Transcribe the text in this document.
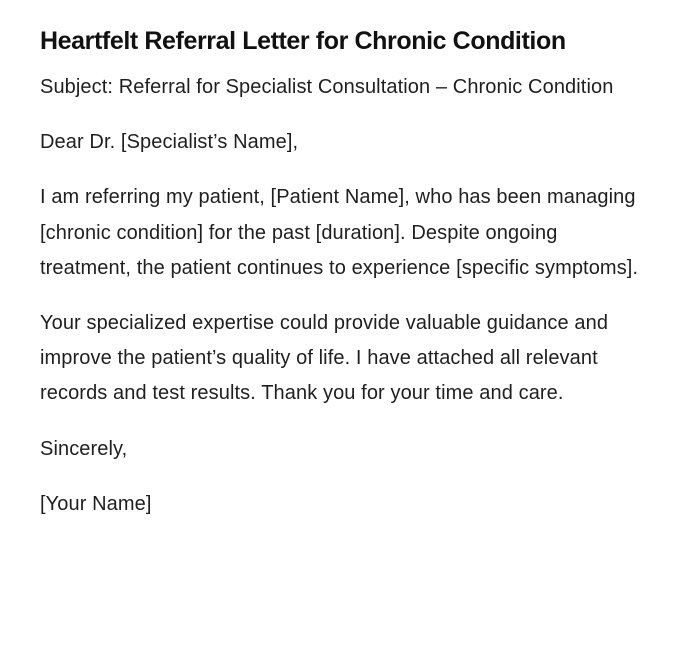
Heartfelt Referral Letter for Chronic Condition

Subject: Referral for Specialist Consultation – Chronic Condition

Dear Dr. [Specialist’s Name],

I am referring my patient, [Patient Name], who has been managing [chronic condition] for the past [duration]. Despite ongoing treatment, the patient continues to experience [specific symptoms].

Your specialized expertise could provide valuable guidance and improve the patient’s quality of life. I have attached all relevant records and test results. Thank you for your time and care.

Sincerely,

[Your Name]
